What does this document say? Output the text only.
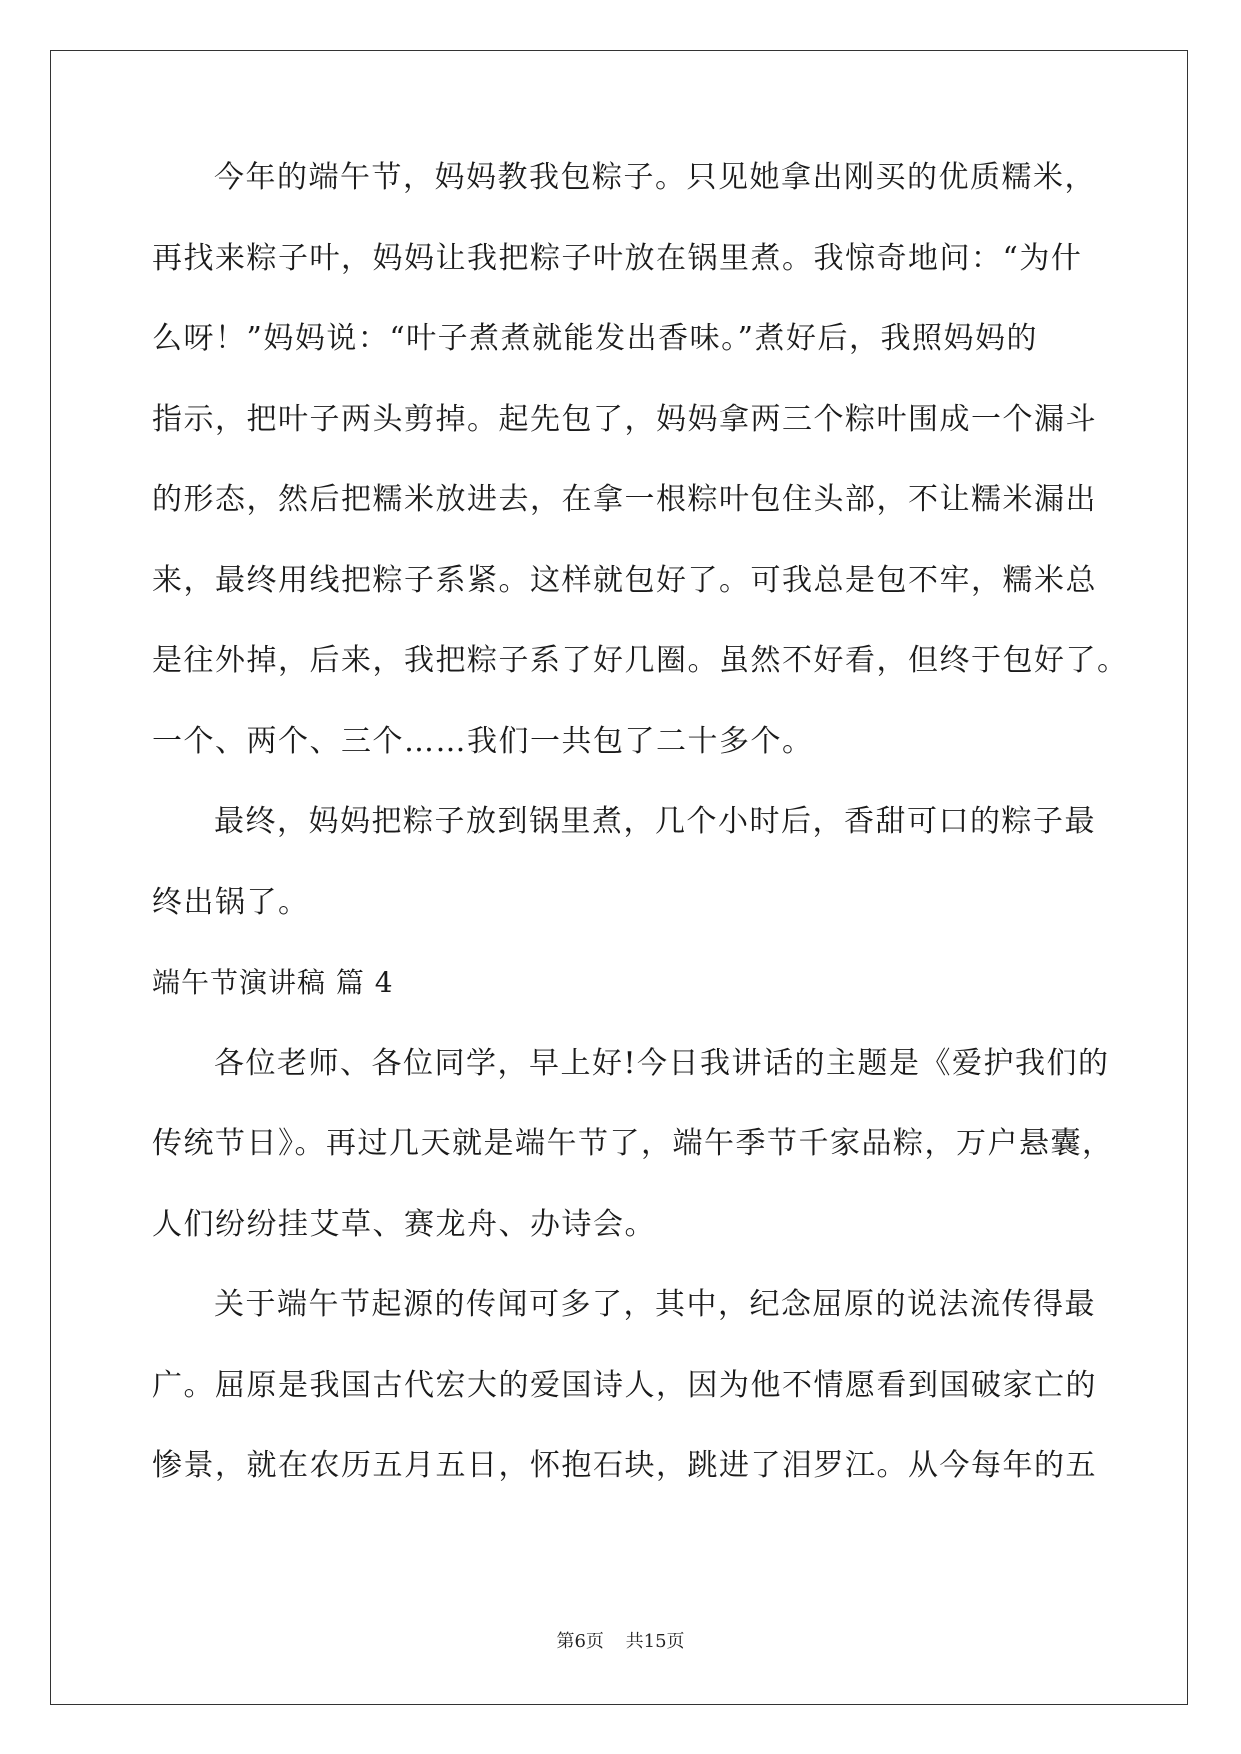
今年的端午节，妈妈教我包粽子。只见她拿出刚买的优质糯米，
再找来粽子叶，妈妈让我把粽子叶放在锅里煮。我惊奇地问：“为什
么呀！”妈妈说：“叶子煮煮就能发出香味。”煮好后，我照妈妈的
指示，把叶子两头剪掉。起先包了，妈妈拿两三个粽叶围成一个漏斗
的形态，然后把糯米放进去，在拿一根粽叶包住头部，不让糯米漏出
来，最终用线把粽子系紧。这样就包好了。可我总是包不牢，糯米总
是往外掉，后来，我把粽子系了好几圈。虽然不好看，但终于包好了。
一个、两个、三个……我们一共包了二十多个。
最终，妈妈把粽子放到锅里煮，几个小时后，香甜可口的粽子最
终出锅了。
端午节演讲稿 篇 4
各位老师、各位同学，早上好!今日我讲话的主题是《爱护我们的
传统节日》。再过几天就是端午节了，端午季节千家品粽，万户悬囊，
人们纷纷挂艾草、赛龙舟、办诗会。
关于端午节起源的传闻可多了，其中，纪念屈原的说法流传得最
广。屈原是我国古代宏大的爱国诗人，因为他不情愿看到国破家亡的
惨景，就在农历五月五日，怀抱石块，跳进了泪罗江。从今每年的五
第6页 共15页
